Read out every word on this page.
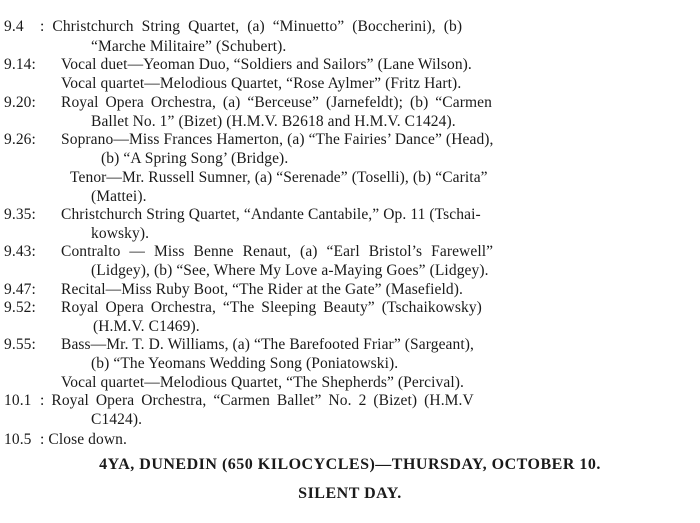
9.4	: Christchurch String Quartet, (a) “Minuetto” (Boccherini), (b)
“Marche Militaire” (Schubert).
9.14:	Vocal duet—Yeoman Duo, “Soldiers and Sailors” (Lane Wilson).
Vocal quartet—Melodious Quartet, “Rose Aylmer” (Fritz Hart).
9.20:	Royal Opera Orchestra, (a) “Berceuse” (Jarnefeldt); (b) “Carmen
Ballet No. 1” (Bizet) (H.M.V. B2618 and H.M.V. C1424).
9.26:	Soprano—Miss Frances Hamerton, (a) “The Fairies’ Dance” (Head),
(b) “A Spring Song’ (Bridge).
Tenor—Mr. Russell Sumner, (a) “Serenade” (Toselli), (b) “Carita”
(Mattei).
9.35:	Christchurch String Quartet, “Andante Cantabile,” Op. 11 (Tschai-
kowsky).
9.43:	Contralto — Miss Benne Renaut, (a) “Earl Bristol’s Farewell”
(Lidgey), (b) “See, Where My Love a-Maying Goes” (Lidgey).
9.47:	Recital—Miss Ruby Boot, “The Rider at the Gate” (Masefield).
9.52:	Royal Opera Orchestra, “The Sleeping Beauty” (Tschaikowsky)
(H.M.V. C1469).
9.55:	Bass—Mr. T. D. Williams, (a) “The Barefooted Friar” (Sargeant),
(b) “The Yeomans Wedding Song (Poniatowski).
Vocal quartet—Melodious Quartet, “The Shepherds” (Percival).
10.1 : Royal Opera Orchestra, “Carmen Ballet” No. 2 (Bizet) (H.M.V
C1424).
10.5 : Close down.
4YA, DUNEDIN (650 KILOCYCLES)—THURSDAY, OCTOBER 10.
SILENT DAY.
